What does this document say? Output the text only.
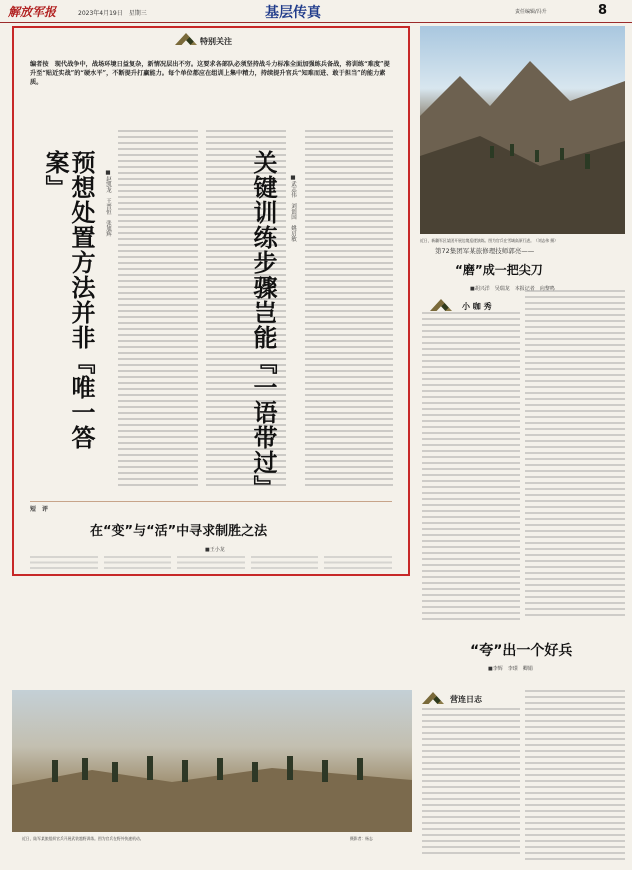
解放军报	2023年4月19日　星期三	基层传真	责任编辑/冯升	8
特别关注
编者按　现代战争中，战场环境日益复杂，新情况层出不穷。这要求各部队必须坚持战斗力标准全面加强练兵备战，将训练“难度”提升至“贴近实战”的“硬水平”，不断提升打赢能力。每个单位都应在组训上集中精力，持续提升官兵“知难而进、敢于担当”的能力素质。
预想处置方法并非『唯一答案』	■赵凯龙　王晋恒　张旭辉	关键训练步骤岂能『一语带过』 ■武志伟　刘创国　姚启敏
短　评
在“变”与“活”中寻求制胜之法
■王小龙
近日，新疆军区某团开展边境巡逻演练。图为官兵在雪域高原行进。（刘志伟 摄）
第72集团军某旅修理技师郭亮——
“磨”成一把尖刀
■胡兴洋　吴瑞龙　本报记者　向黎鸣
小 咖 秀
“夸”出一个好兵
■李辉　李璟　卿娟
营连日志
近日，陆军某旅组织官兵开展武装越野训练。图为官兵在野外快速机动。	摄影者：杨志
